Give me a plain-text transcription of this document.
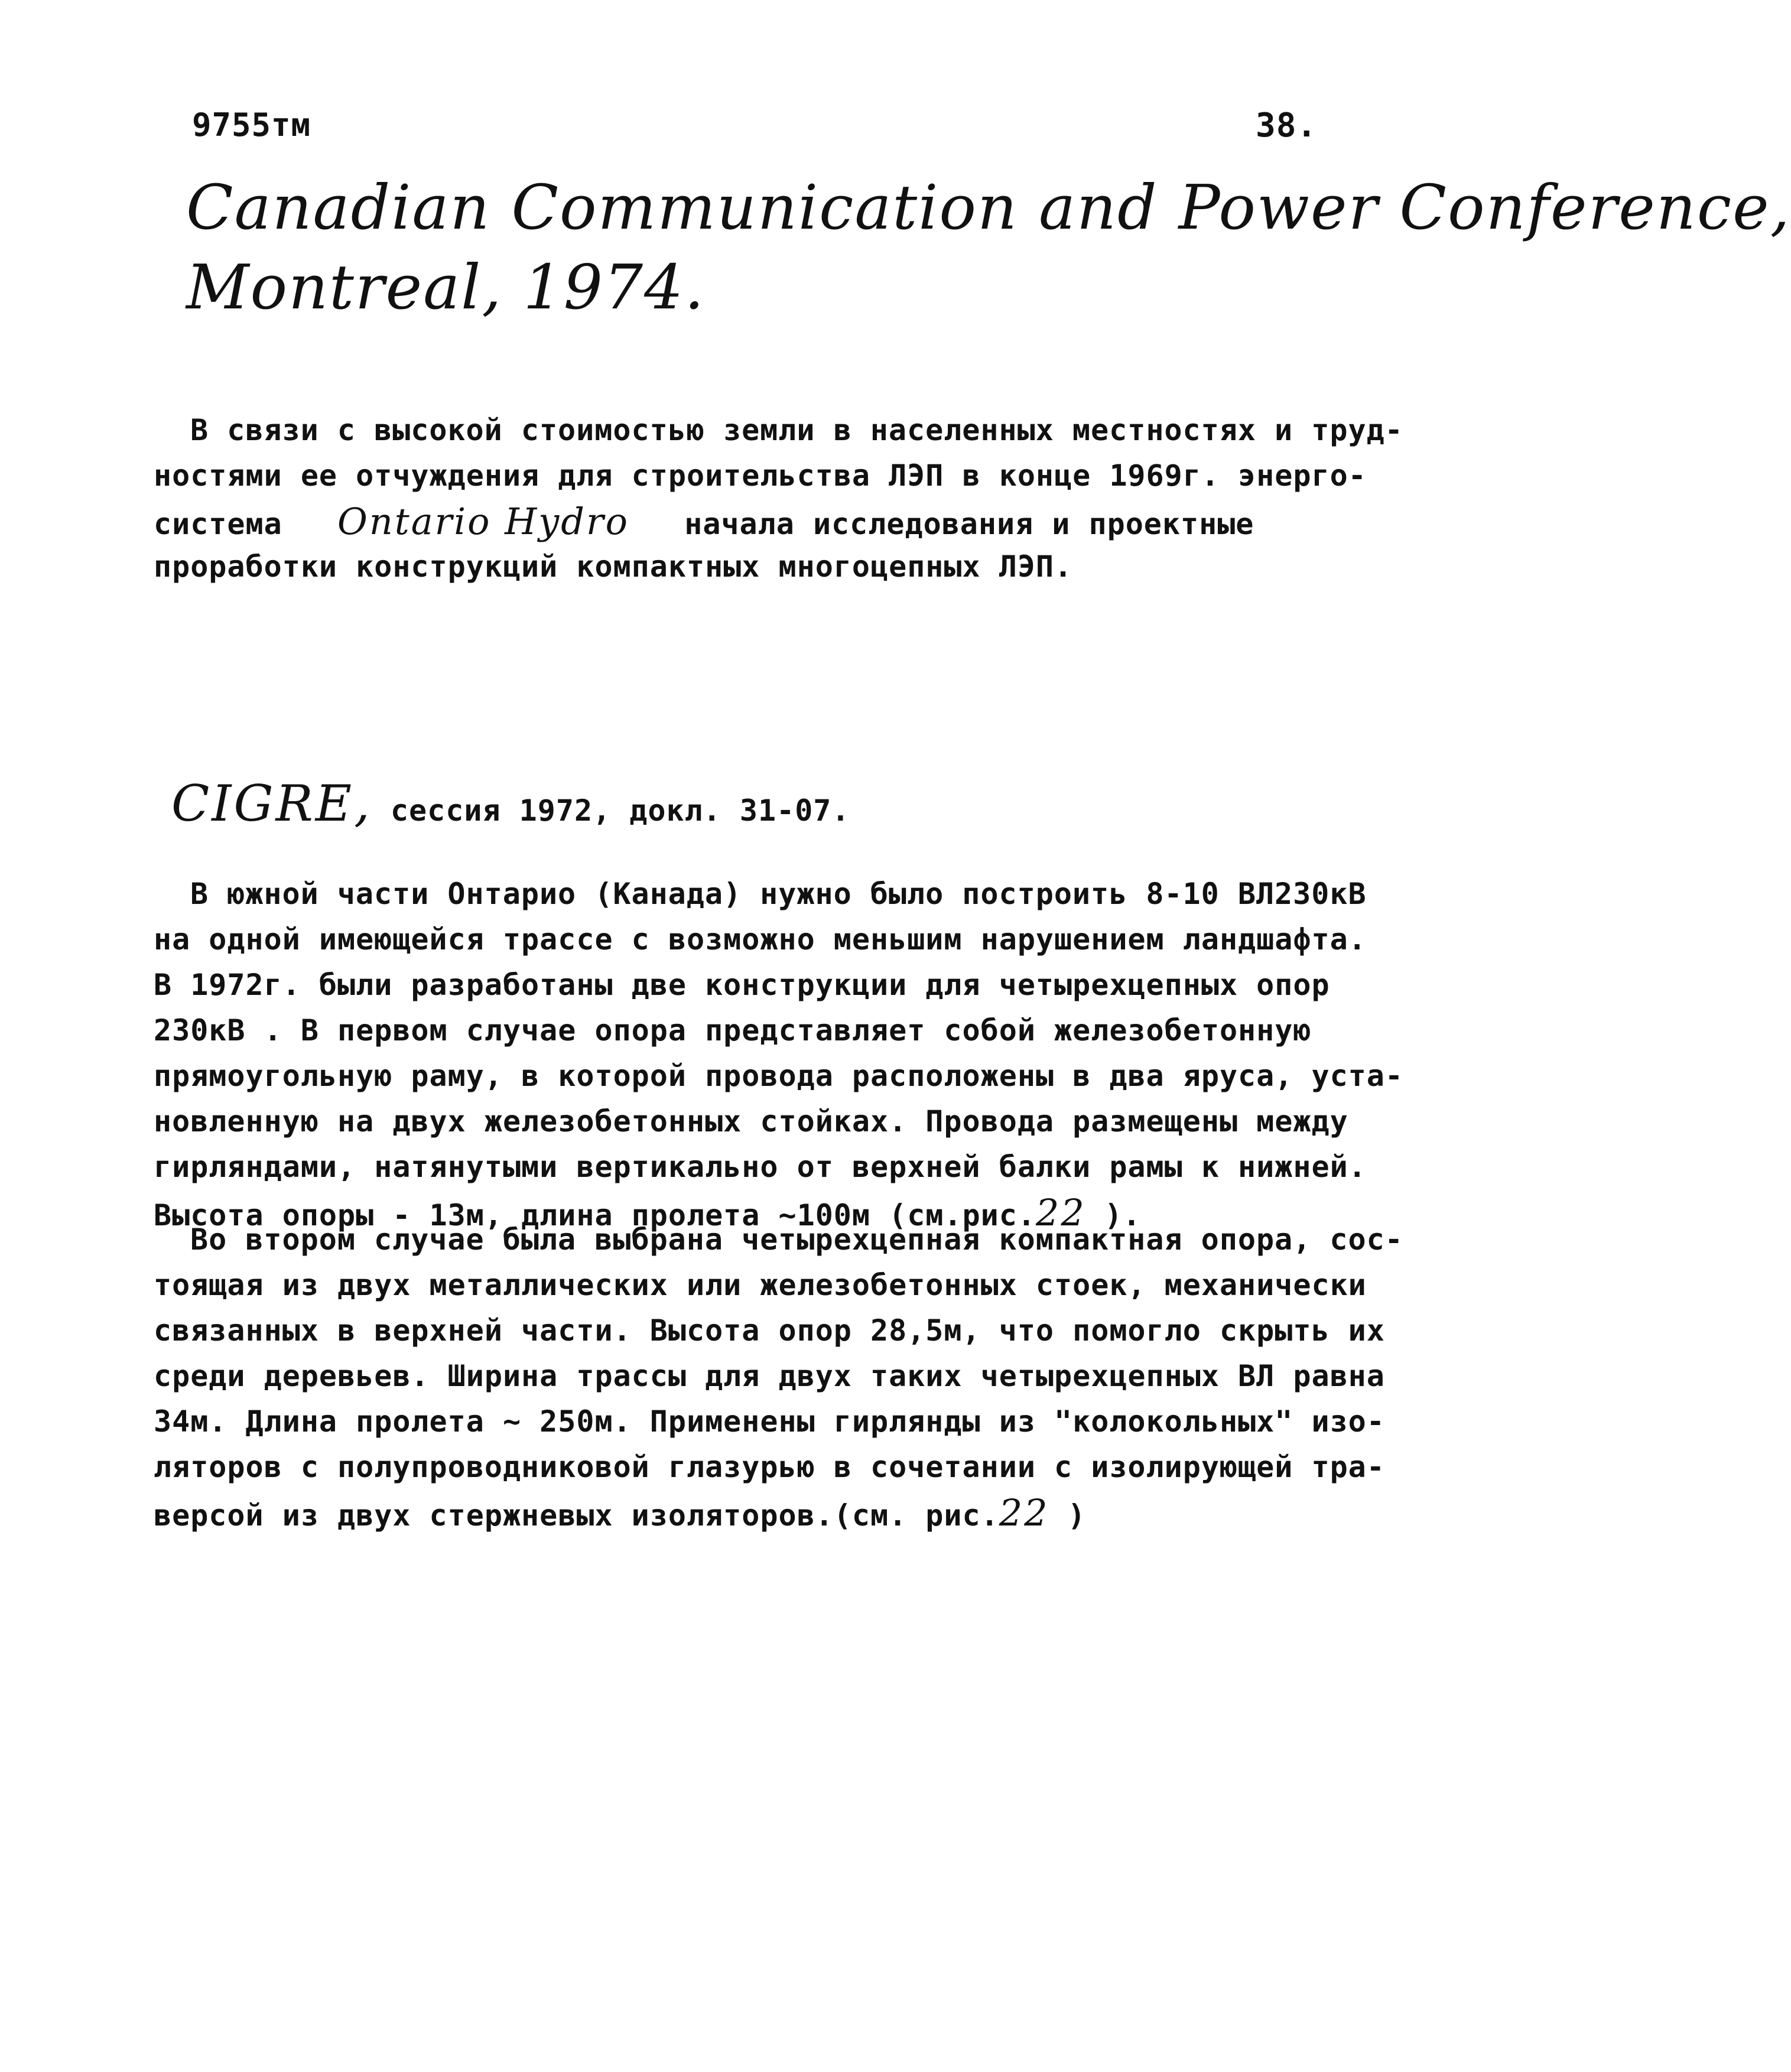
9755тм	38.
Canadian Communication and Power Conference,
Montreal, 1974.
В связи с высокой стоимостью земли в населенных местностях и труд-
ностями ее отчуждения для строительства ЛЭП в конце 1969г. энерго-
система Ontario Hydro начала исследования и проектные
проработки конструкций компактных многоцепных ЛЭП.
CIGRE, сессия 1972, докл. 31-07.
В южной части Онтарио (Канада) нужно было построить 8-10 ВЛ230кВ
на одной имеющейся трассе с возможно меньшим нарушением ландшафта.
В 1972г. были разработаны две конструкции для четырехцепных опор
230кВ . В первом случае опора представляет собой железобетонную
прямоугольную раму, в которой провода расположены в два яруса, уста-
новленную на двух железобетонных стойках. Провода размещены между
гирляндами, натянутыми вертикально от верхней балки рамы к нижней.
Высота опоры - 13м, длина пролета ~100м (см.рис.22 ).
Во втором случае была выбрана четырехцепная компактная опора, сос-
тоящая из двух металлических или железобетонных стоек, механически
связанных в верхней части. Высота опор 28,5м, что помогло скрыть их
среди деревьев. Ширина трассы для двух таких четырехцепных ВЛ равна
34м. Длина пролета ~ 250м. Применены гирлянды из "колокольных" изо-
ляторов с полупроводниковой глазурью в сочетании с изолирующей тра-
версой из двух стержневых изоляторов.(см. рис.22 )
